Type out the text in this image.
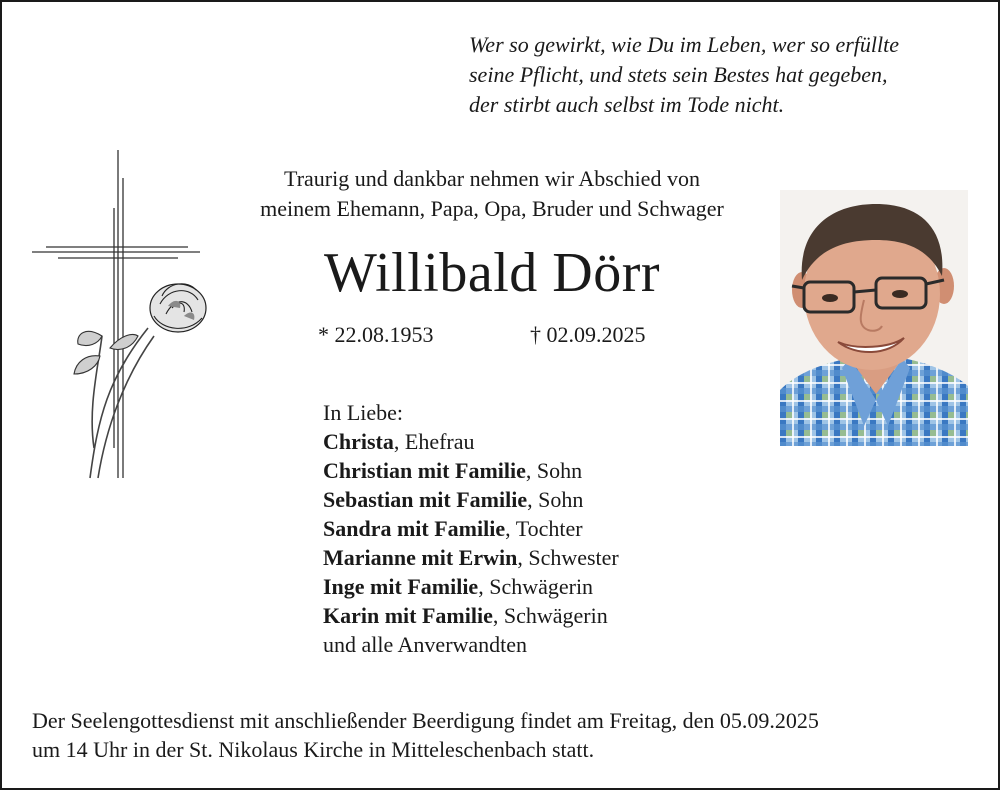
Wer so gewirkt, wie Du im Leben, wer so erfüllte
seine Pflicht, und stets sein Bestes hat gegeben,
der stirbt auch selbst im Tode nicht.
Traurig und dankbar nehmen wir Abschied von
meinem Ehemann, Papa, Opa, Bruder und Schwager
Willibald Dörr
* 22.08.1953	† 02.09.2025
In Liebe:
Christa, Ehefrau
Christian mit Familie, Sohn
Sebastian mit Familie, Sohn
Sandra mit Familie, Tochter
Marianne mit Erwin, Schwester
Inge mit Familie, Schwägerin
Karin mit Familie, Schwägerin
und alle Anverwandten
Der Seelengottesdienst mit anschließender Beerdigung findet am Freitag, den 05.09.2025
um 14 Uhr in der St. Nikolaus Kirche in Mitteleschenbach statt.
